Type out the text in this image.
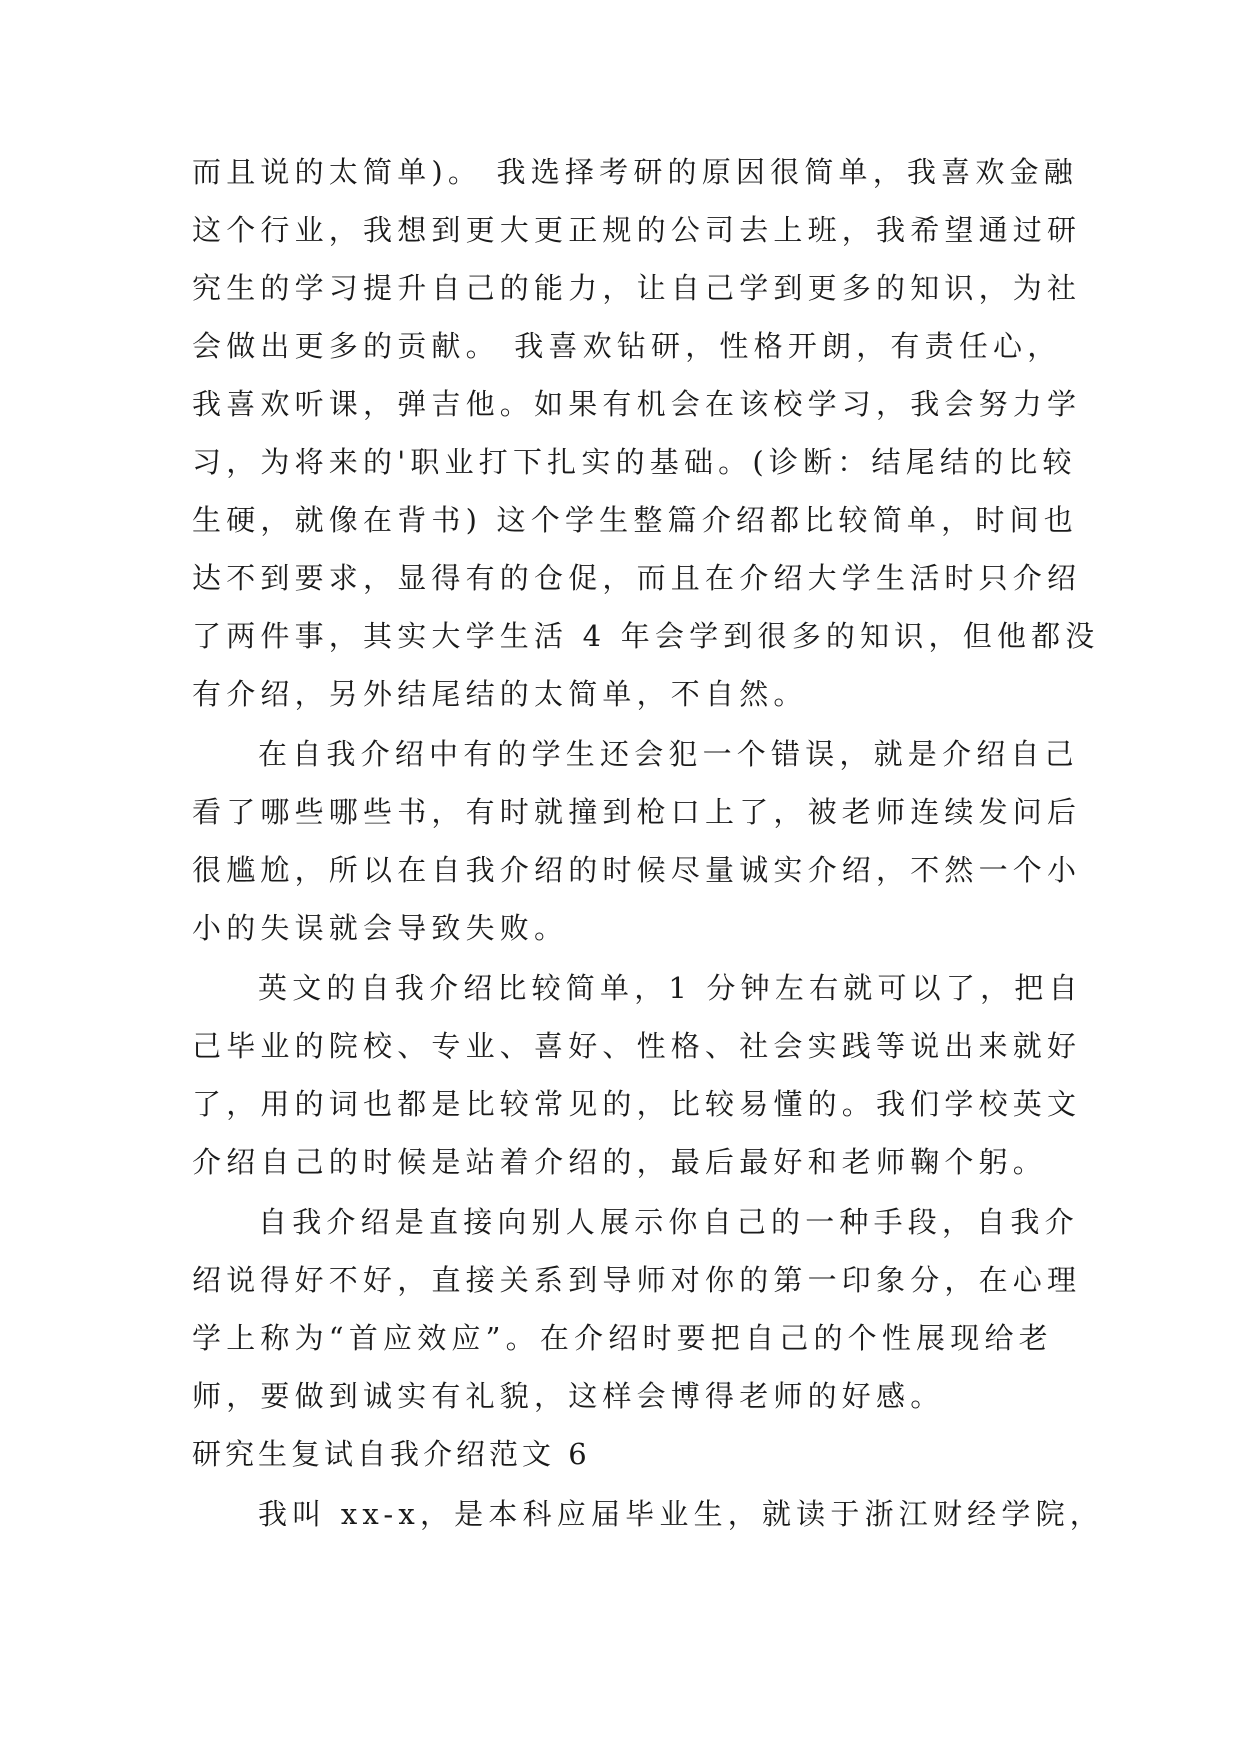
而且说的太简单)。 我选择考研的原因很简单，我喜欢金融
这个行业，我想到更大更正规的公司去上班，我希望通过研
究生的学习提升自己的能力，让自己学到更多的知识，为社
会做出更多的贡献。 我喜欢钻研，性格开朗，有责任心，
我喜欢听课，弹吉他。如果有机会在该校学习，我会努力学
习，为将来的'职业打下扎实的基础。(诊断：结尾结的比较
生硬，就像在背书) 这个学生整篇介绍都比较简单，时间也
达不到要求，显得有的仓促，而且在介绍大学生活时只介绍
了两件事，其实大学生活 4 年会学到很多的知识，但他都没
有介绍，另外结尾结的太简单，不自然。
在自我介绍中有的学生还会犯一个错误，就是介绍自己
看了哪些哪些书，有时就撞到枪口上了，被老师连续发问后
很尴尬，所以在自我介绍的时候尽量诚实介绍，不然一个小
小的失误就会导致失败。
英文的自我介绍比较简单，1 分钟左右就可以了，把自
己毕业的院校、专业、喜好、性格、社会实践等说出来就好
了，用的词也都是比较常见的，比较易懂的。我们学校英文
介绍自己的时候是站着介绍的，最后最好和老师鞠个躬。
自我介绍是直接向别人展示你自己的一种手段，自我介
绍说得好不好，直接关系到导师对你的第一印象分，在心理
学上称为“首应效应”。在介绍时要把自己的个性展现给老
师，要做到诚实有礼貌，这样会博得老师的好感。
研究生复试自我介绍范文 6
我叫 xx-x，是本科应届毕业生，就读于浙江财经学院，
